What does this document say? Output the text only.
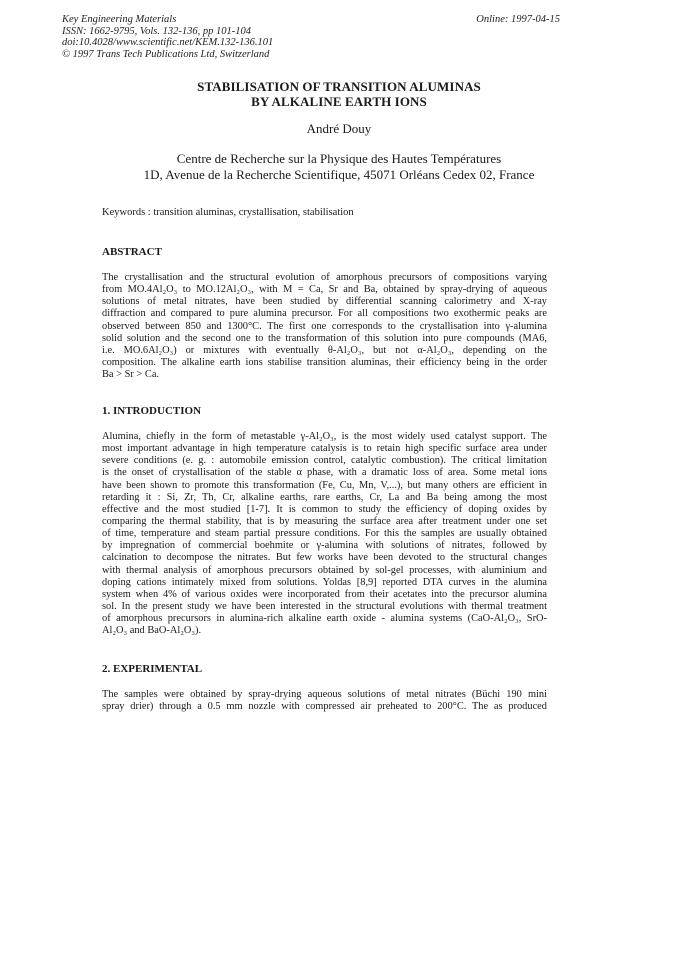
Key Engineering Materials
ISSN: 1662-9795, Vols. 132-136, pp 101-104
doi:10.4028/www.scientific.net/KEM.132-136.101
© 1997 Trans Tech Publications Ltd, Switzerland
Online: 1997-04-15
STABILISATION OF TRANSITION ALUMINAS
BY ALKALINE EARTH IONS
André Douy
Centre de Recherche sur la Physique des Hautes Températures
1D, Avenue de la Recherche Scientifique, 45071 Orléans Cedex 02, France
Keywords : transition aluminas, crystallisation, stabilisation
ABSTRACT
The crystallisation and the structural evolution of amorphous precursors of compositions varying
from MO.4Al₂O₃ to MO.12Al₂O₃, with M = Ca, Sr and Ba, obtained by spray-drying of aqueous
solutions of metal nitrates, have been studied by differential scanning calorimetry and X-ray
diffraction and compared to pure alumina precursor. For all compositions two exothermic peaks are
observed between 850 and 1300°C. The first one corresponds to the crystallisation into γ-alumina
solid solution and the second one to the transformation of this solution into pure compounds (MA6,
i.e. MO.6Al₂O₃) or mixtures with eventually θ-Al₂O₃, but not α-Al₂O₃, depending on the
composition. The alkaline earth ions stabilise transition aluminas, their efficiency being in the order
Ba > Sr > Ca.
1. INTRODUCTION
Alumina, chiefly in the form of metastable γ-Al₂O₃, is the most widely used catalyst support. The
most important advantage in high temperature catalysis is to retain high specific surface area under
severe conditions (e. g. : automobile emission control, catalytic combustion). The critical limitation
is the onset of crystallisation of the stable α phase, with a dramatic loss of area. Some metal ions
have been shown to promote this transformation (Fe, Cu, Mn, V,...), but many others are efficient in
retarding it : Si, Zr, Th, Cr, alkaline earths, rare earths, Cr, La and Ba being among the most
effective and the most studied [1-7]. It is common to study the efficiency of doping oxides by
comparing the thermal stability, that is by measuring the surface area after treatment under one set
of time, temperature and steam partial pressure conditions. For this the samples are usually obtained
by impregnation of commercial boehmite or γ-alumina with solutions of nitrates, followed by
calcination to decompose the nitrates. But few works have been devoted to the structural changes
with thermal analysis of amorphous precursors obtained by sol-gel processes, with aluminium and
doping cations intimately mixed from solutions. Yoldas [8,9] reported DTA curves in the alumina
system when 4% of various oxides were incorporated from their acetates into the precursor alumina
sol. In the present study we have been interested in the structural evolutions with thermal treatment
of amorphous precursors in alumina-rich alkaline earth oxide - alumina systems (CaO-Al₂O₃, SrO-
Al₂O₃ and BaO-Al₂O₃).
2. EXPERIMENTAL
The samples were obtained by spray-drying aqueous solutions of metal nitrates (Büchi 190 mini
spray drier) through a 0.5 mm nozzle with compressed air preheated to 200°C. The as produced
